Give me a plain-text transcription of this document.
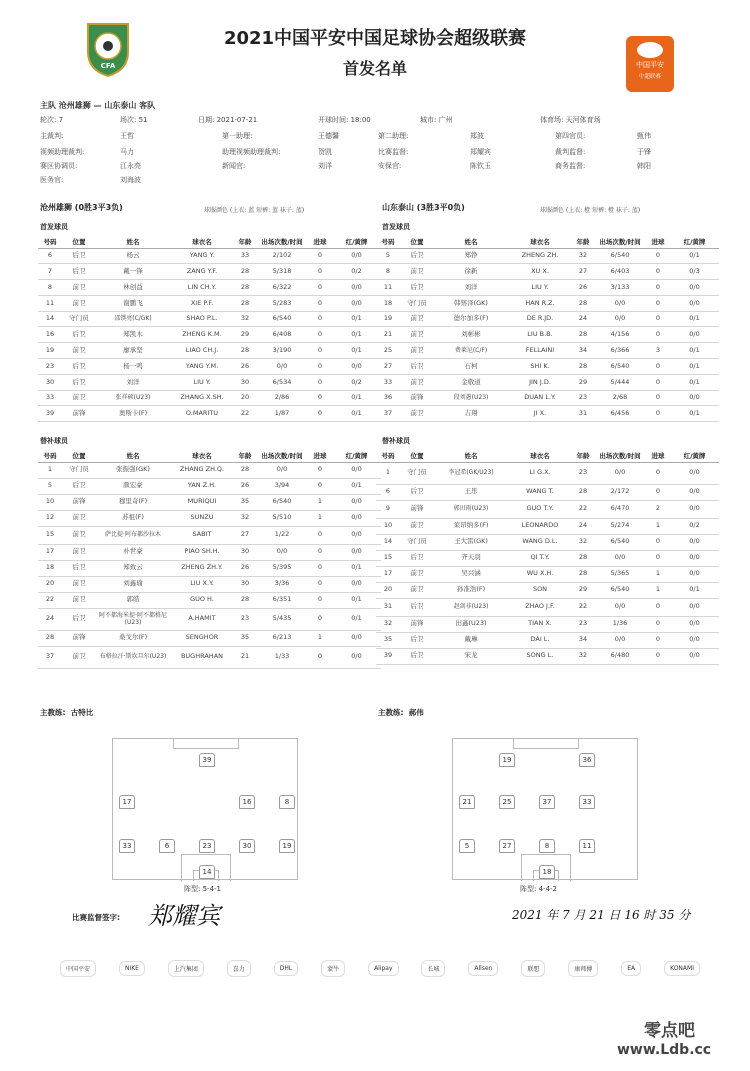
CFA
2021中国平安中国足球协会超级联赛
首发名单	中国平安
中超联赛
主队 沧州雄狮 — 山东泰山 客队
轮次: 7	场次: 51	日期: 2021-07-21	开球时间: 18:00	城市: 广州	体育场: 天河体育场
主裁判:	王哲	第一助理:	王德馨	第二助理:	郑波	第四官员:	甄伟
视频助理裁判:	马力	助理视频助理裁判:	贺凯	比赛监督:	郑耀宾	裁判监督:	于锋
赛区协调员:	江永亮	新闻官:	刘洋	安保官:	陈钦玉	商务监督:	韩阳
医务官:	刘海波
沧州雄狮 (0胜3平3负)	球服颜色 (上衣: 蓝 短裤: 蓝 袜子: 蓝)
首发球员
号码	位置	姓名	球衣名	年龄	出场次数/时间	进球	红/黄牌
6	后卫	杨云	YANG Y.	33	2/102	0	0/0
7	后卫	戴一锋	ZANG Y.F.	28	5/318	0	0/2
8	前卫	林创益	LIN CH.Y.	28	6/322	0	0/0
11	前卫	谢鹏飞	XIE P.F.	28	5/283	0	0/0
14	守门员	邵镤亮(C/GK)	SHAO P.L.	32	6/540	0	0/1
16	后卫	郑凯木	ZHENG K.M.	29	6/408	0	0/1
19	前卫	廖承坚	LIAO CH.J.	28	3/190	0	0/1
23	后卫	杨一鸣	YANG Y.M.	26	0/0	0	0/0
30	后卫	刘洋	LIU Y.	30	6/534	0	0/2
33	前卫	张祥硕(U23)	ZHANG X.SH.	20	2/86	0	0/1
39	前锋	奥斯卡(F)	O.MARITU	22	1/87	0	0/1
替补球员
号码	位置	姓名	球衣名	年龄	出场次数/时间	进球	红/黄牌
1	守门员	张振强(GK)	ZHANG ZH.Q.	28	0/0	0	0/0
5	后卫	颜宏豪	YAN Z.H.	26	3/94	0	0/1
10	前锋	穆里奇(F)	MURIQUI	35	6/540	1	0/0
12	前卫	苏祖(F)	SUNZU	32	5/510	1	0/0
15	前卫	萨比提·阿布都沙拉木	SABIT	27	1/22	0	0/0
17	前卫	朴世豪	PIAO SH.H.	30	0/0	0	0/0
18	后卫	郑致云	ZHENG ZH.Y.	26	5/395	0	0/1
20	前卫	刘鑫瑜	LIU X.Y.	30	3/36	0	0/0
22	前卫	郭皓	GUO H.	28	6/351	0	0/1
24	后卫	阿不都海米提·阿不都格尼(U23)	A.HAMIT	23	5/435	0	0/1
28	前锋	桑戈尔(F)	SENGHOR	35	6/213	1	0/0
37	前卫	布格拉汗·斯坎旦尔(U23)	BUGHRAHAN	21	1/33	0	0/0
山东泰山 (3胜3平0负)	球服颜色 (上衣: 橙 短裤: 橙 袜子: 蓝)
首发球员
号码	位置	姓名	球衣名	年龄	出场次数/时间	进球	红/黄牌
5	后卫	郑铮	ZHENG ZH.	32	6/540	0	0/1
8	前卫	徐新	XU X.	27	6/403	0	0/3
11	后卫	刘洋	LIU Y.	26	3/133	0	0/0
18	守门员	韩镕泽(GK)	HAN R.Z.	28	0/0	0	0/0
19	前卫	德尔加多(F)	DE R.JD.	24	0/0	0	0/1
21	前卫	刘彬彬	LIU B.B.	28	4/156	0	0/0
25	前卫	费莱尼(C/F)	FELLAINI	34	6/366	3	0/1
27	后卫	石柯	SHI K.	28	6/540	0	0/1
33	前卫	金敬道	JIN J.D.	29	5/444	0	0/1
36	前锋	段刘愚(U23)	DUAN L.Y.	23	2/68	0	0/0
37	前卫	吉翔	JI X.	31	6/456	0	0/1
替补球员
号码	位置	姓名	球衣名	年龄	出场次数/时间	进球	红/黄牌
1	守门员	李冠希(GK/U23)	LI G.X.	23	0/0	0	0/0
6	后卫	王彤	WANG T.	28	2/172	0	0/0
9	前锋	郭田雨(U23)	GUO T.Y.	22	6/470	2	0/0
10	前卫	莱昂纳多(F)	LEONARDO	24	5/274	1	0/2
14	守门员	王大雷(GK)	WANG D.L.	32	6/540	0	0/0
15	后卫	齐天羽	QI T.Y.	28	0/0	0	0/0
17	前卫	吴兴涵	WU X.H.	28	5/365	1	0/0
20	前卫	孙准浩(F)	SON	29	6/540	1	0/1
31	后卫	赵剑非(U23)	ZHAO J.F.	22	0/0	0	0/0
32	前锋	田鑫(U23)	TIAN X.	23	1/36	0	0/0
35	后卫	戴琳	DAI L.	34	0/0	0	0/0
39	后卫	宋龙	SONG L.	32	6/480	0	0/0
主教练: 古特比	主教练: 郝伟
39
17	16	8
33	6	23	30	19
14
阵型: 5-4-1
19	36
21	25	37	33
5	27	8	11
18
阵型: 4-4-2
比赛监督签字: 郑耀宾	2021 年 7 月 21 日 16 时 35 分
中国平安	NIKE	上汽集团	喜力	DHL	蒙牛	Alipay	长城	Allsen	联想	康师傅	EA	KONAMI
零点吧
www.Ldb.cc
